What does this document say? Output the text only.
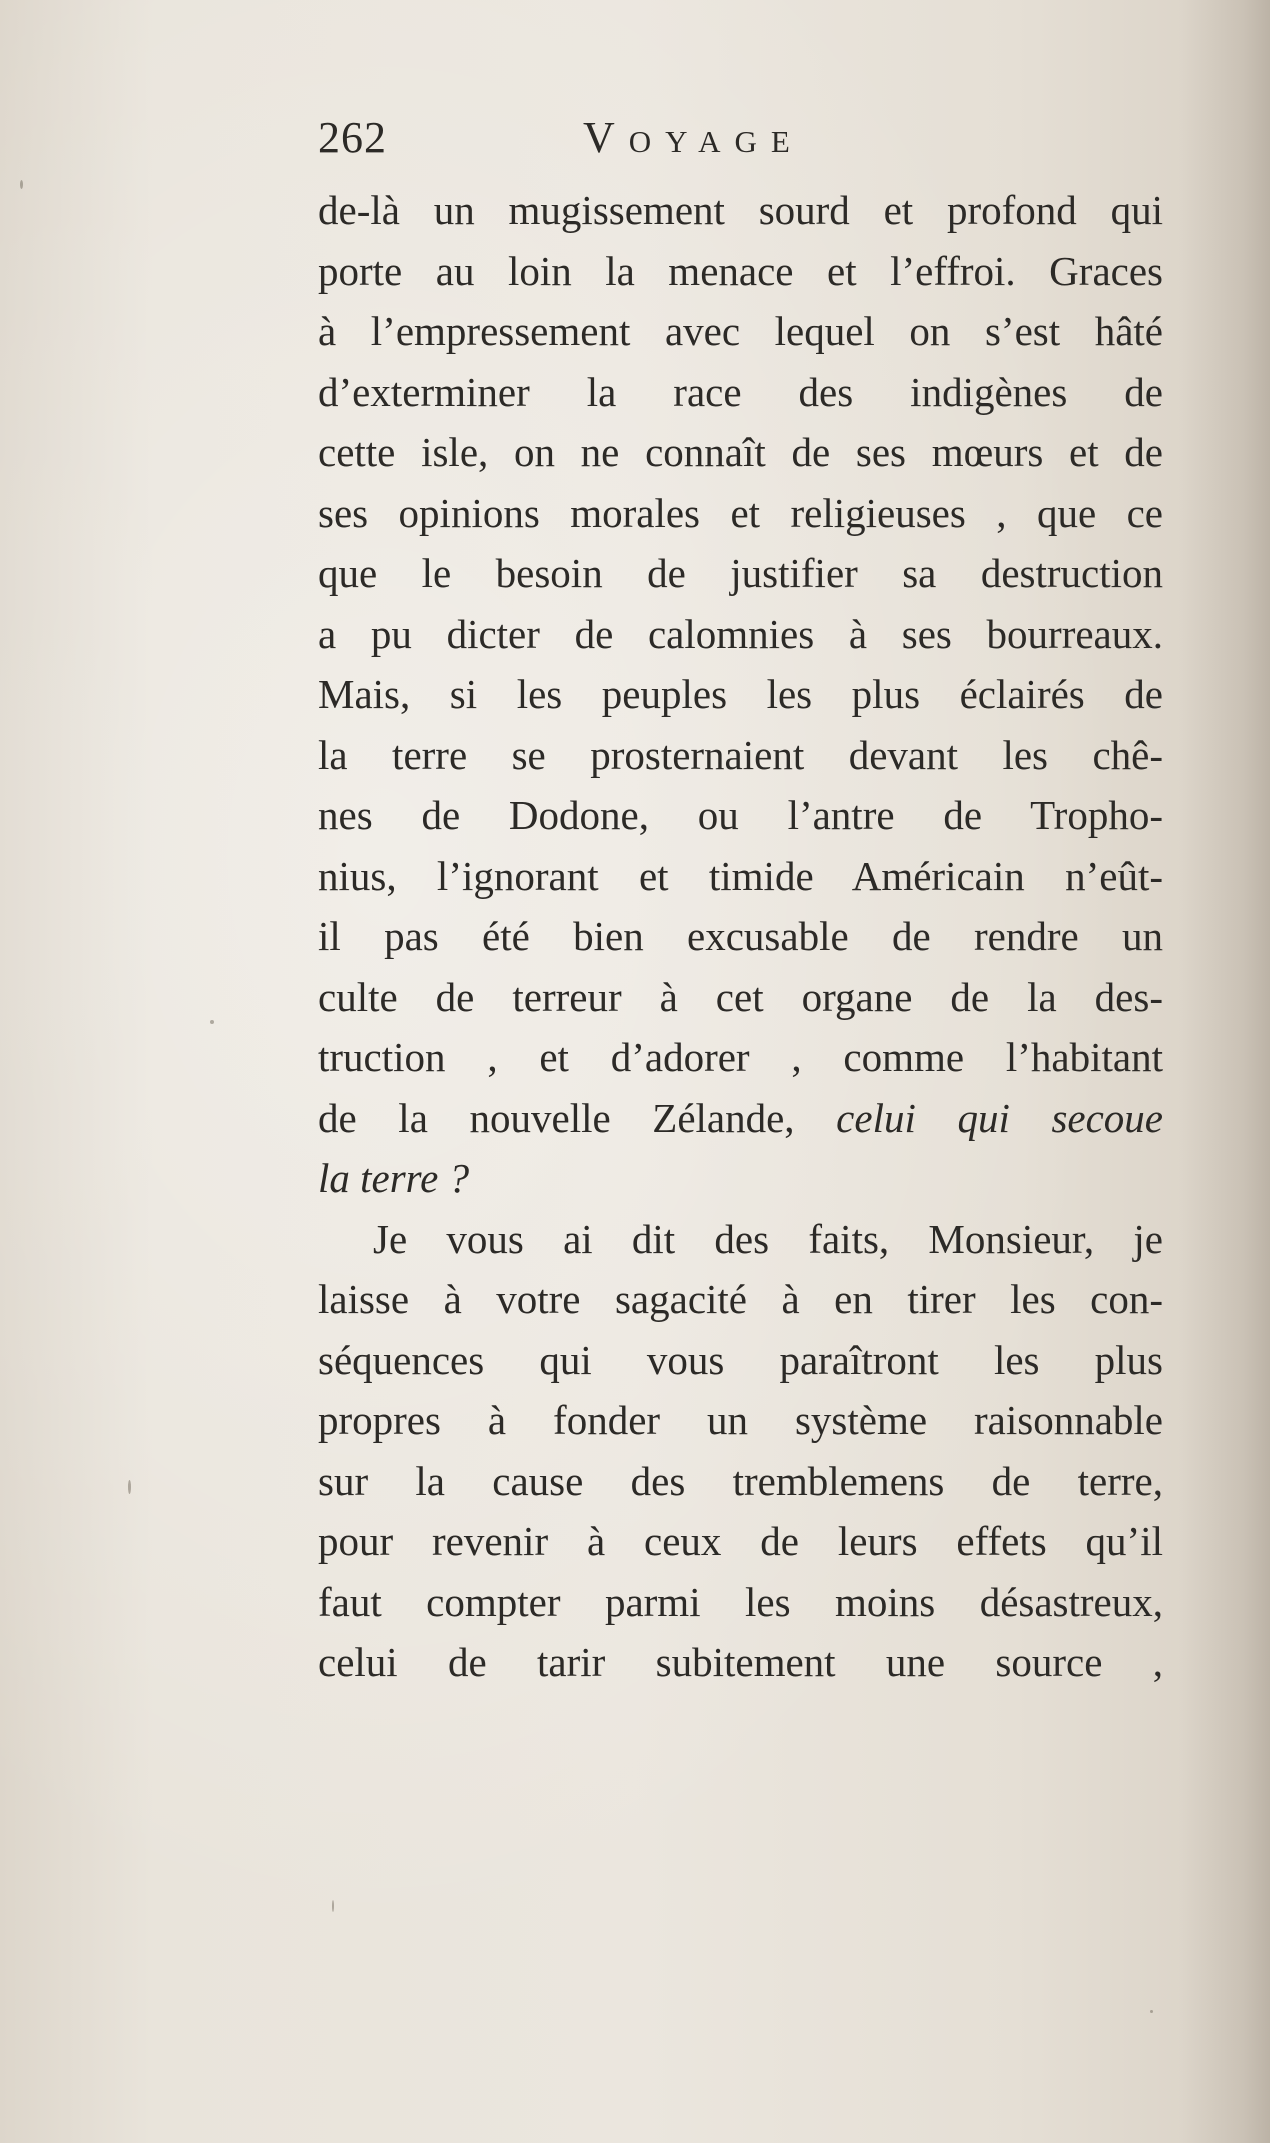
262	Voyage
de-là un mugissement sourd et profond qui
porte au loin la menace et l’effroi. Graces
à l’empressement avec lequel on s’est hâté
d’exterminer la race des indigènes de
cette isle, on ne connaît de ses mœurs et de
ses opinions morales et religieuses , que ce
que le besoin de justifier sa destruction
a pu dicter de calomnies à ses bourreaux.
Mais, si les peuples les plus éclairés de
la terre se prosternaient devant les chê-
nes de Dodone, ou l’antre de Tropho-
nius, l’ignorant et timide Américain n’eût-
il pas été bien excusable de rendre un
culte de terreur à cet organe de la des-
truction , et d’adorer , comme l’habitant
de la nouvelle Zélande, celui qui secoue
la terre ?
Je vous ai dit des faits, Monsieur, je
laisse à votre sagacité à en tirer les con-
séquences qui vous paraîtront les plus
propres à fonder un système raisonnable
sur la cause des tremblemens de terre,
pour revenir à ceux de leurs effets qu’il
faut compter parmi les moins désastreux,
celui de tarir subitement une source ,
